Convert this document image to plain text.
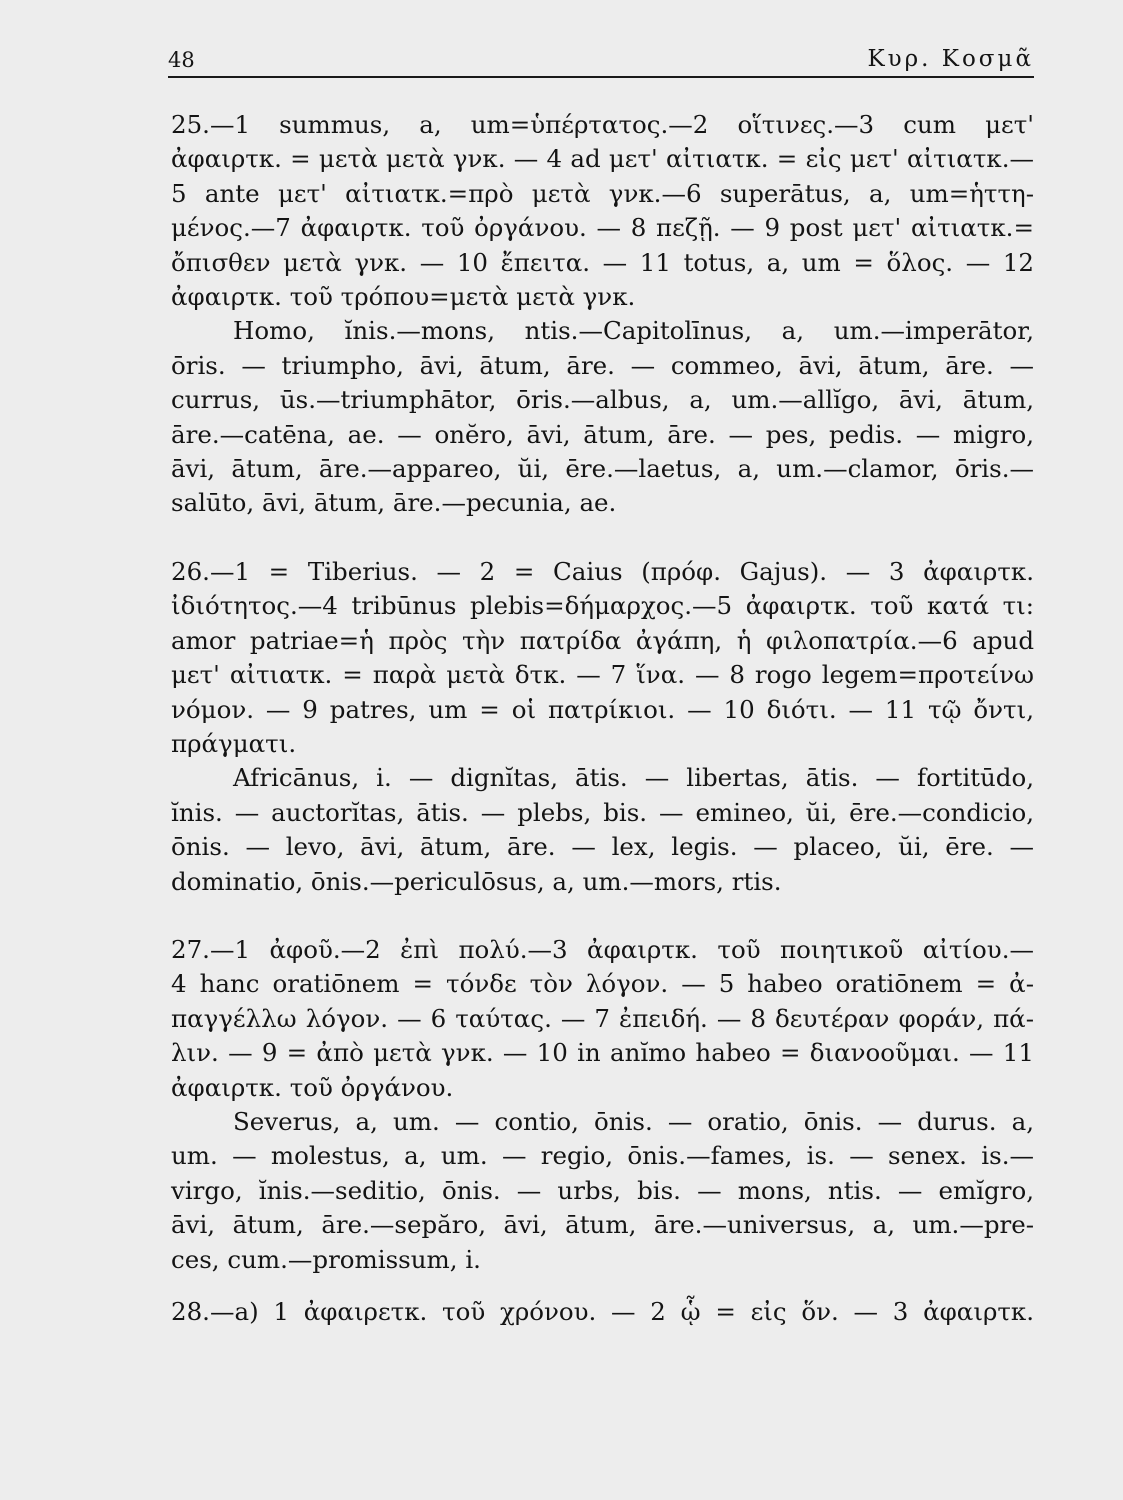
48	Κυρ. Κοσμᾶ
25.—1 summus, a, um=ὑπέρτατος.—2 οἵτινες.—3 cum μετ'
ἀφαιρτκ. = μετὰ μετὰ γνκ. — 4 ad μετ' αἰτιατκ. = εἰς μετ' αἰτιατκ.—
5 ante μετ' αἰτιατκ.=πρὸ μετὰ γνκ.—6 superātus, a, um=ἡττη-
μένος.—7 ἀφαιρτκ. τοῦ ὀργάνου. — 8 πεζῇ. — 9 post μετ' αἰτιατκ.=
ὄπισθεν μετὰ γνκ. — 10 ἔπειτα. — 11 totus, a, um = ὅλος. — 12
ἀφαιρτκ. τοῦ τρόπου=μετὰ μετὰ γνκ.
Homo, ĭnis.—mons, ntis.—Capitolīnus, a, um.—imperātor,
ōris. — triumpho, āvi, ātum, āre. — commeo, āvi, ātum, āre. —
currus, ūs.—triumphātor, ōris.—albus, a, um.—allĭgo, āvi, ātum,
āre.—catēna, ae. — onĕro, āvi, ātum, āre. — pes, pedis. — migro,
āvi, ātum, āre.—appareo, ŭi, ēre.—laetus, a, um.—clamor, ōris.—
salūto, āvi, ātum, āre.—pecunia, ae.
26.—1 = Tiberius. — 2 = Caius (πρόφ. Gajus). — 3 ἀφαιρτκ.
ἰδιότητος.—4 tribūnus plebis=δήμαρχος.—5 ἀφαιρτκ. τοῦ κατά τι:
amor patriae=ἡ πρὸς τὴν πατρίδα ἀγάπη, ἡ φιλοπατρία.—6 apud
μετ' αἰτιατκ. = παρὰ μετὰ δτκ. — 7 ἵνα. — 8 rogo legem=προτείνω
νόμον. — 9 patres, um = οἱ πατρίκιοι. — 10 διότι. — 11 τῷ ὄντι,
πράγματι.
Africānus, i. — dignĭtas, ātis. — libertas, ātis. — fortitūdo,
ĭnis. — auctorĭtas, ātis. — plebs, bis. — emineo, ŭi, ēre.—condicio,
ōnis. — levo, āvi, ātum, āre. — lex, legis. — placeo, ŭi, ēre. —
dominatio, ōnis.—periculōsus, a, um.—mors, rtis.
27.—1 ἀφοῦ.—2 ἐπὶ πολύ.—3 ἀφαιρτκ. τοῦ ποιητικοῦ αἰτίου.—
4 hanc oratiōnem = τόνδε τὸν λόγον. — 5 habeo oratiōnem = ἀ-
παγγέλλω λόγον. — 6 ταύτας. — 7 ἐπειδή. — 8 δευτέραν φοράν, πά-
λιν. — 9 = ἀπὸ μετὰ γνκ. — 10 in anĭmo habeo = διανοοῦμαι. — 11
ἀφαιρτκ. τοῦ ὀργάνου.
Severus, a, um. — contio, ōnis. — oratio, ōnis. — durus. a,
um. — molestus, a, um. — regio, ōnis.—fames, is. — senex. is.—
virgo, ĭnis.—seditio, ōnis. — urbs, bis. — mons, ntis. — emĭgro,
āvi, ātum, āre.—sepăro, āvi, ātum, āre.—universus, a, um.—pre-
ces, cum.—promissum, i.
28.—a) 1 ἀφαιρετκ. τοῦ χρόνου. — 2 ᾧ = εἰς ὅν. — 3 ἀφαιρτκ.
